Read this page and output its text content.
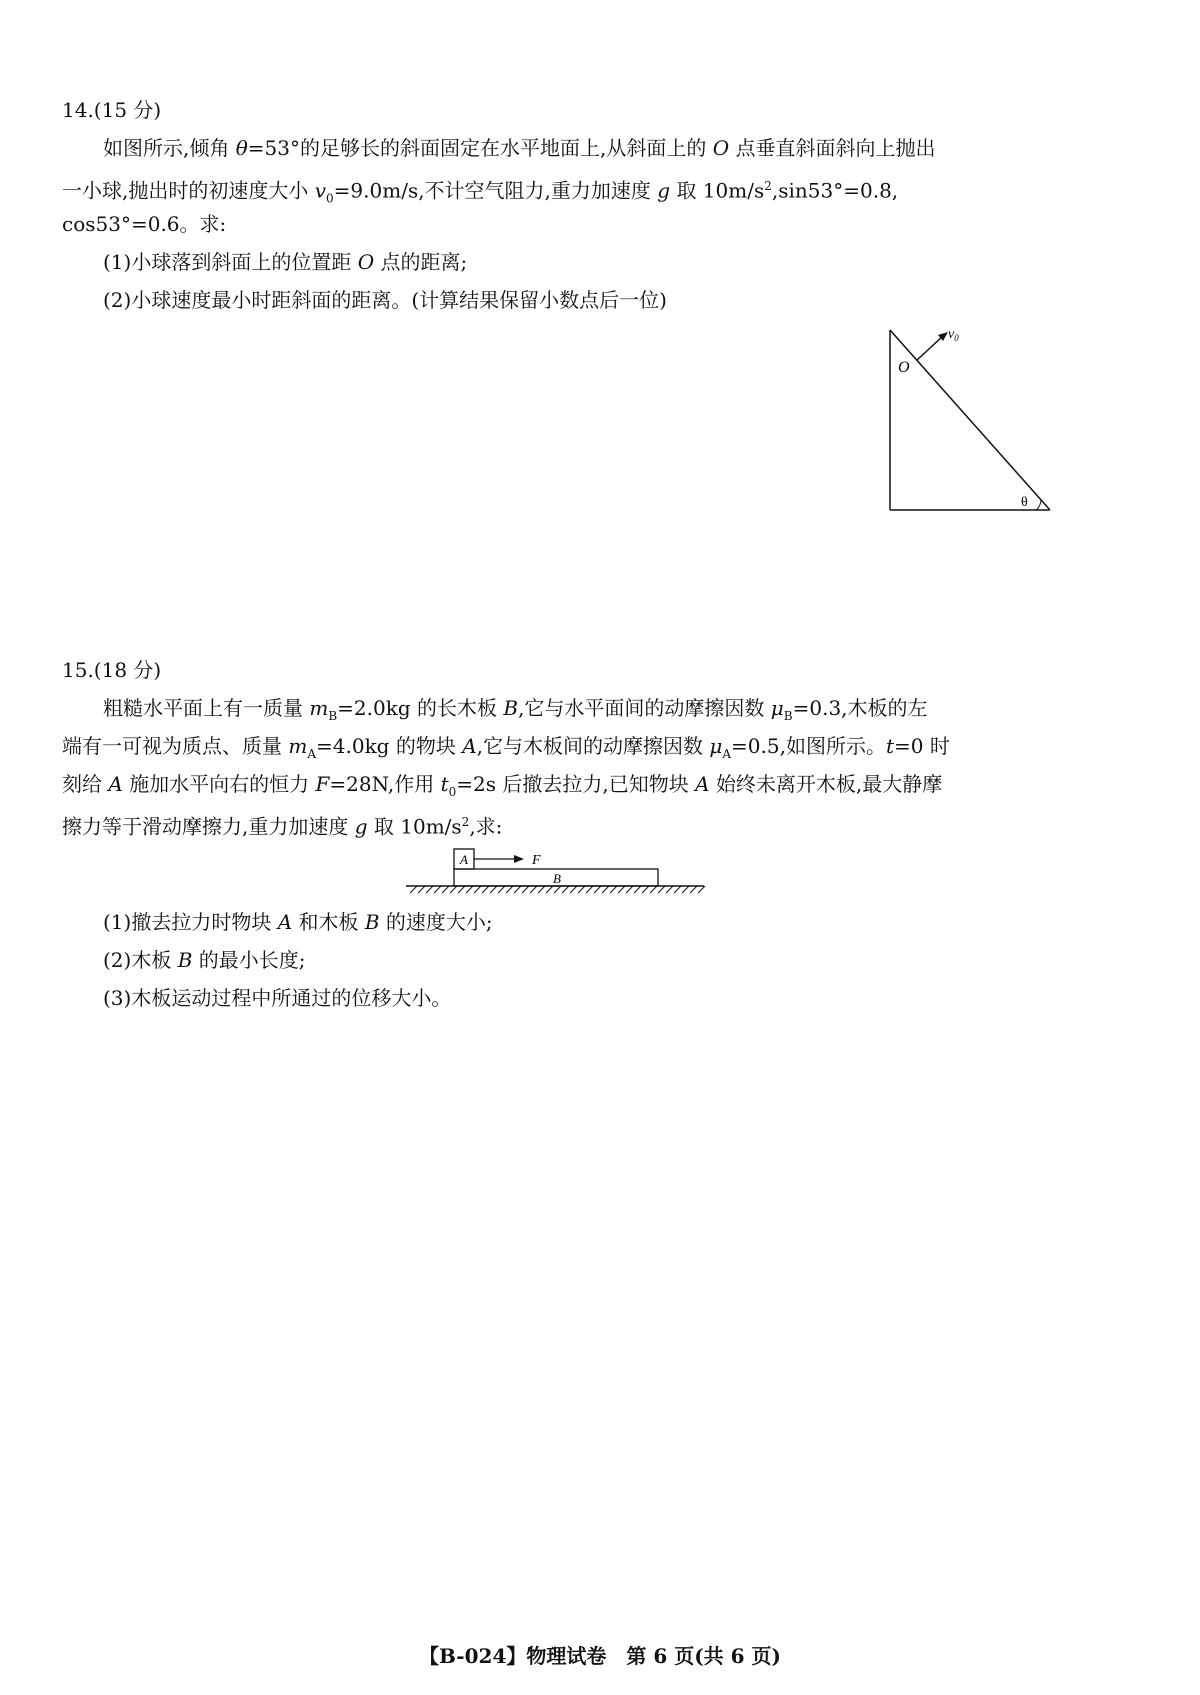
14.(15 分)
如图所示,倾角 θ=53°的足够长的斜面固定在水平地面上,从斜面上的 O 点垂直斜面斜向上抛出
一小球,抛出时的初速度大小 $v_0=9.0m/s$,不计空气阻力,重力加速度 g 取 $10m/s^2,\sin 53^\circ=0.8$,
cos53°=0.6。求:
(1)小球落到斜面上的位置距 O 点的距离;
(2)小球速度最小时距斜面的距离。(计算结果保留小数点后一位)
$v_0$
O
θ
15.(18 分)
粗糙水平面上有一质量 $m_B=2.0kg$ 的长木板 B,它与水平面间的动摩擦因数 $\mu_B=0.3$,木板的左
端有一可视为质点、质量 $m_A=4.0kg$ 的物块 A,它与木板间的动摩擦因数 $\mu_A=0.5$,如图所示。t=0 时
刻给 A 施加水平向右的恒力 F=28N,作用 $t_0=2s$ 后撤去拉力,已知物块 A 始终未离开木板,最大静摩
擦力等于滑动摩擦力,重力加速度 g 取 $10m/s^2$,求:
A	F
B
(1)撤去拉力时物块 A 和木板 B 的速度大小;
(2)木板 B 的最小长度;
(3)木板运动过程中所通过的位移大小。
【B-024】物理试卷　第 6 页(共 6 页)
